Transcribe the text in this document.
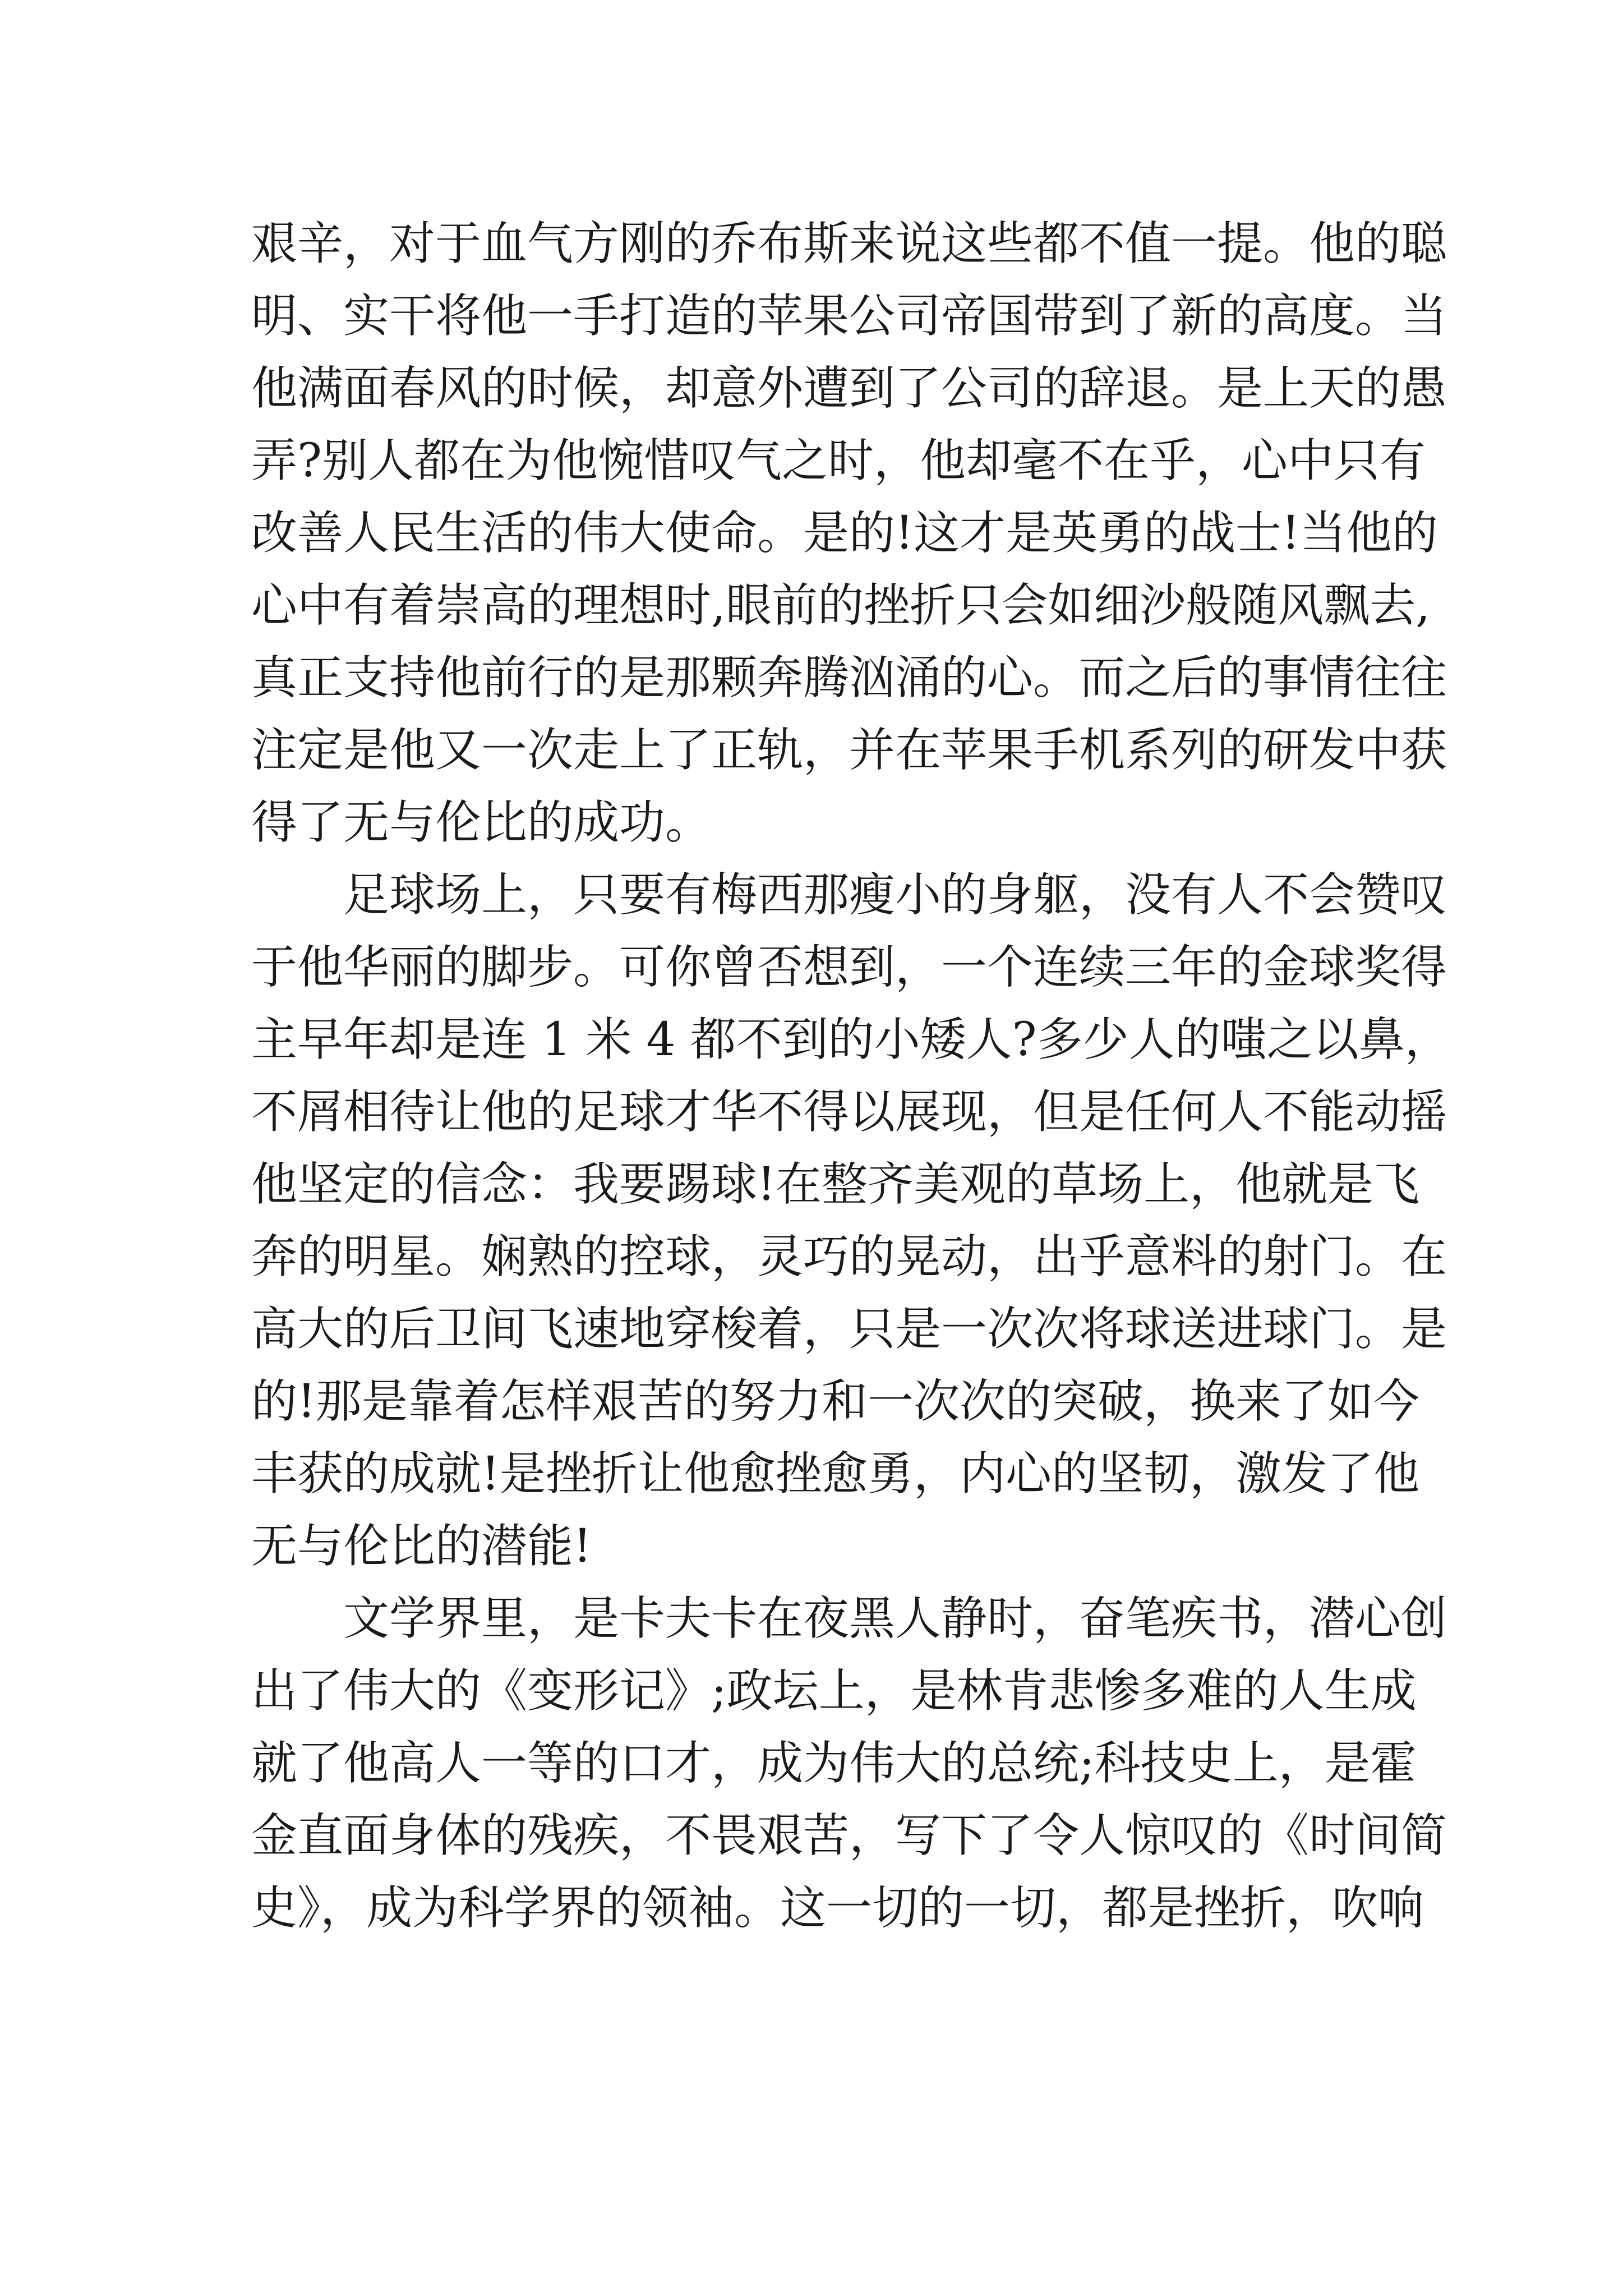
艰辛，对于血气方刚的乔布斯来说这些都不值一提。他的聪

明、实干将他一手打造的苹果公司帝国带到了新的高度。当

他满面春风的时候，却意外遭到了公司的辞退。是上天的愚

弄?别人都在为他惋惜叹气之时，他却毫不在乎，心中只有

改善人民生活的伟大使命。是的!这才是英勇的战士!当他的

心中有着崇高的理想时,眼前的挫折只会如细沙般随风飘去,

真正支持他前行的是那颗奔腾汹涌的心。而之后的事情往往

注定是他又一次走上了正轨，并在苹果手机系列的研发中获

得了无与伦比的成功。

足球场上，只要有梅西那瘦小的身躯，没有人不会赞叹

于他华丽的脚步。可你曾否想到，一个连续三年的金球奖得

主早年却是连 1 米 4 都不到的小矮人?多少人的嗤之以鼻，

不屑相待让他的足球才华不得以展现，但是任何人不能动摇

他坚定的信念：我要踢球!在整齐美观的草场上，他就是飞

奔的明星。娴熟的控球，灵巧的晃动，出乎意料的射门。在

高大的后卫间飞速地穿梭着，只是一次次将球送进球门。是

的!那是靠着怎样艰苦的努力和一次次的突破，换来了如今

丰获的成就!是挫折让他愈挫愈勇，内心的坚韧，激发了他

无与伦比的潜能!

文学界里，是卡夫卡在夜黑人静时，奋笔疾书，潜心创

出了伟大的《变形记》;政坛上，是林肯悲惨多难的人生成

就了他高人一等的口才，成为伟大的总统;科技史上，是霍

金直面身体的残疾，不畏艰苦，写下了令人惊叹的《时间简

史》，成为科学界的领袖。这一切的一切，都是挫折，吹响
